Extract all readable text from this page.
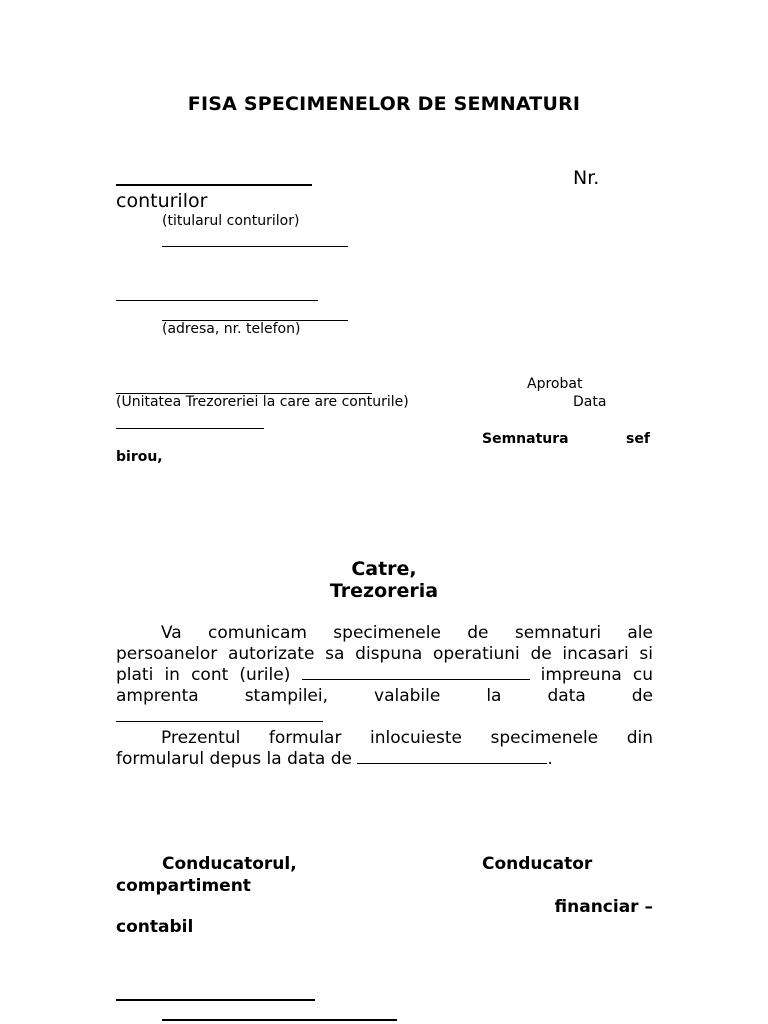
FISA SPECIMENELOR DE SEMNATURI
Nr.
conturilor
(titularul conturilor)
(adresa, nr. telefon)
Aprobat
(Unitatea Trezoreriei la care are conturile)	Data
Semnatura	sef
birou,
Catre,
Trezoreria
Va comunicam specimenele de semnaturi ale
persoanelor autorizate sa dispuna operatiuni de incasari si
plati in cont (urile)	impreuna cu
amprenta stampilei, valabile la data de
Prezentul formular inlocuieste specimenele din
formularul depus la data de	.
Conducatorul,	Conducator
compartiment
financiar –
contabil
